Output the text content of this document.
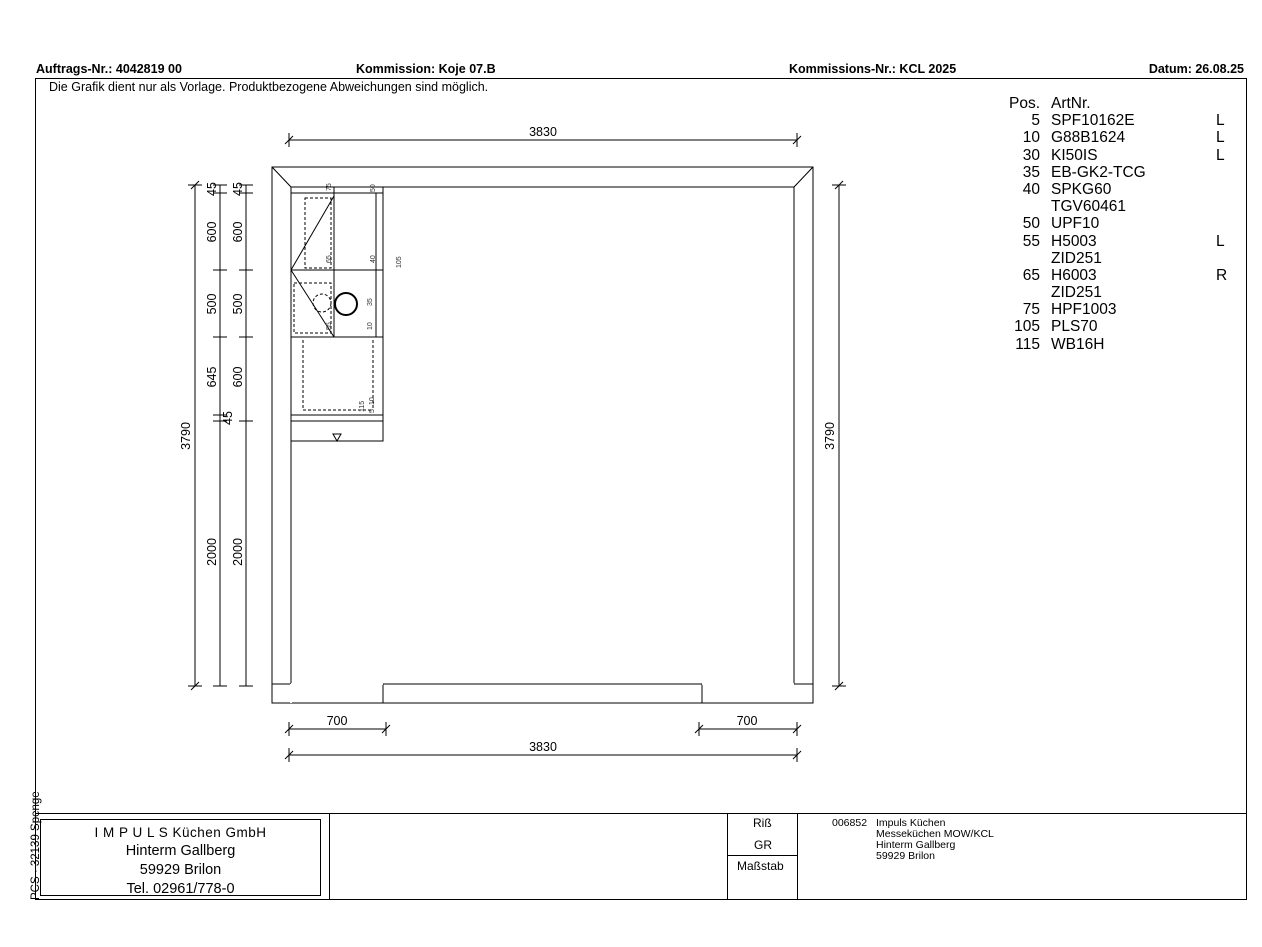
Auftrags-Nr.: 4042819 00	Kommission: Koje 07.B	Kommissions-Nr.: KCL 2025	Datum: 26.08.25
Die Grafik dient nur als Vorlage. Produktbezogene Abweichungen sind möglich.
Pos. ArtNr.
5 SPF10162E	L
10 G88B1624	L
30 KI50IS	L
35 EB-GK2-TCG
40 SPKG60
TGV60461
50 UPF10
55 H5003	L
ZID251
65 H6003	R
ZID251
75 HPF1003
105 PLS70
115 WB16H
3830
3830
700	700
3790
3790
45
600
500
645
45
2000
45
600
500
600
2000
75	50
40
65	105
35
55	10
115 5
10
I M P U L S Küchen GmbH
Hinterm Gallberg
59929 Brilon
Tel. 02961/778-0
Riß
GR
Maßstab
006852 Impuls Küchen
Messeküchen MOW/KCL
Hinterm Gallberg
59929 Brilon
PCS · 32139 Spenge
